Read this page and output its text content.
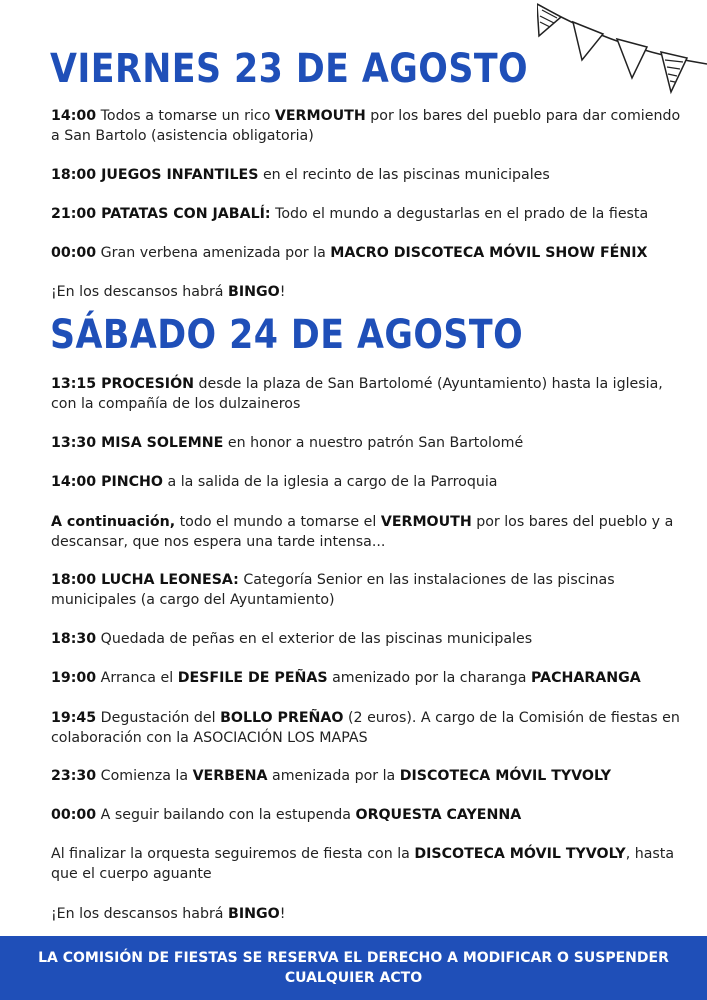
VIERNES 23 DE AGOSTO

14:00 Todos a tomarse un rico VERMOUTH por los bares del pueblo para dar comiendo a San Bartolo (asistencia obligatoria)

18:00 JUEGOS INFANTILES en el recinto de las piscinas municipales

21:00 PATATAS CON JABALÍ: Todo el mundo a degustarlas en el prado de la fiesta

00:00 Gran verbena amenizada por la MACRO DISCOTECA MÓVIL SHOW FÉNIX

¡En los descansos habrá BINGO!

SÁBADO 24 DE AGOSTO

13:15 PROCESIÓN desde la plaza de San Bartolomé (Ayuntamiento) hasta la iglesia, con la compañía de los dulzaineros

13:30 MISA SOLEMNE en honor a nuestro patrón San Bartolomé

14:00 PINCHO a la salida de la iglesia a cargo de la Parroquia

A continuación, todo el mundo a tomarse el VERMOUTH por los bares del pueblo y a descansar, que nos espera una tarde intensa...

18:00 LUCHA LEONESA: Categoría Senior en las instalaciones de las piscinas municipales (a cargo del Ayuntamiento)

18:30 Quedada de peñas en el exterior de las piscinas municipales

19:00 Arranca el DESFILE DE PEÑAS amenizado por la charanga PACHARANGA

19:45 Degustación del BOLLO PREÑAO (2 euros). A cargo de la Comisión de fiestas en colaboración con la ASOCIACIÓN LOS MAPAS

23:30 Comienza la VERBENA amenizada por la DISCOTECA MÓVIL TYVOLY

00:00 A seguir bailando con la estupenda ORQUESTA CAYENNA

Al finalizar la orquesta seguiremos de fiesta con la DISCOTECA MÓVIL TYVOLY, hasta que el cuerpo aguante

¡En los descansos habrá BINGO!

LA COMISIÓN DE FIESTAS SE RESERVA EL DERECHO A MODIFICAR O SUSPENDER
CUALQUIER ACTO
